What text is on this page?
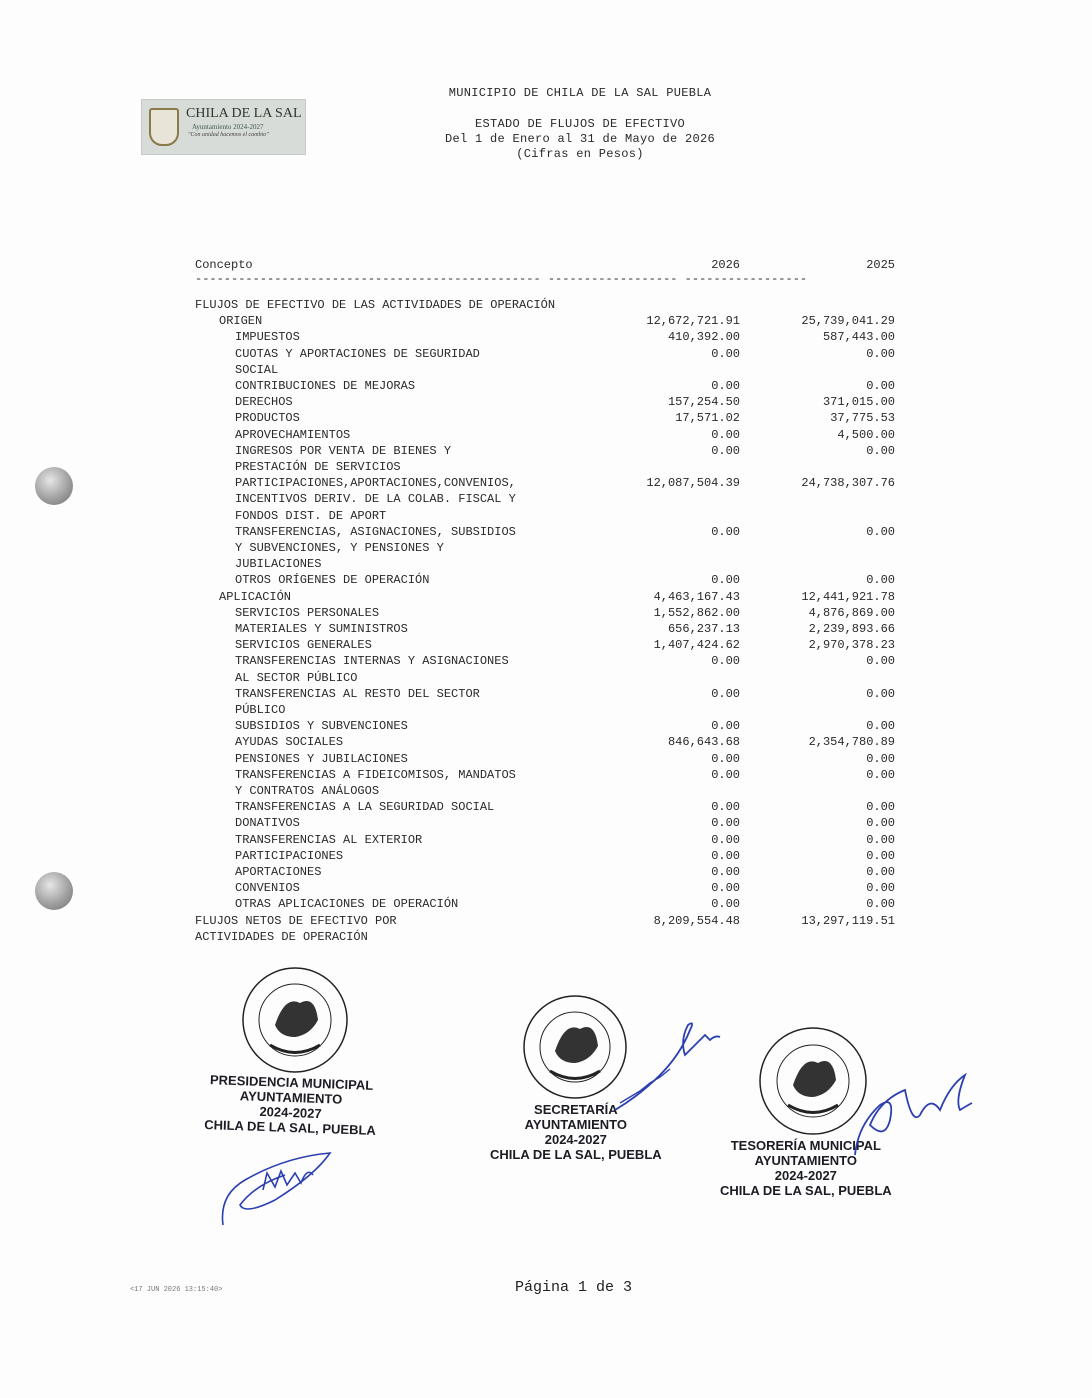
CHILA DE LA SAL
Ayuntamiento 2024-2027
"Con unidad hacemos el cambio"
MUNICIPIO DE CHILA DE LA SAL PUEBLA
ESTADO DE FLUJOS DE EFECTIVO
Del 1 de Enero al 31 de Mayo de 2026
(Cifras en Pesos)
Concepto	2026	2025
------------------------------------------------ ------------------ -----------------
FLUJOS DE EFECTIVO DE LAS ACTIVIDADES DE OPERACIÓN
ORIGEN	12,672,721.91	25,739,041.29
IMPUESTOS	410,392.00	587,443.00
CUOTAS Y APORTACIONES DE SEGURIDAD	0.00	0.00
SOCIAL
CONTRIBUCIONES DE MEJORAS	0.00	0.00
DERECHOS	157,254.50	371,015.00
PRODUCTOS	17,571.02	37,775.53
APROVECHAMIENTOS	0.00	4,500.00
INGRESOS POR VENTA DE BIENES Y	0.00	0.00
PRESTACIÓN DE SERVICIOS
PARTICIPACIONES,APORTACIONES,CONVENIOS,	12,087,504.39	24,738,307.76
INCENTIVOS DERIV. DE LA COLAB. FISCAL Y
FONDOS DIST. DE APORT
TRANSFERENCIAS, ASIGNACIONES, SUBSIDIOS	0.00	0.00
Y SUBVENCIONES, Y PENSIONES Y
JUBILACIONES
OTROS ORÍGENES DE OPERACIÓN	0.00	0.00
APLICACIÓN	4,463,167.43	12,441,921.78
SERVICIOS PERSONALES	1,552,862.00	4,876,869.00
MATERIALES Y SUMINISTROS	656,237.13	2,239,893.66
SERVICIOS GENERALES	1,407,424.62	2,970,378.23
TRANSFERENCIAS INTERNAS Y ASIGNACIONES	0.00	0.00
AL SECTOR PÚBLICO
TRANSFERENCIAS AL RESTO DEL SECTOR	0.00	0.00
PÚBLICO
SUBSIDIOS Y SUBVENCIONES	0.00	0.00
AYUDAS SOCIALES	846,643.68	2,354,780.89
PENSIONES Y JUBILACIONES	0.00	0.00
TRANSFERENCIAS A FIDEICOMISOS, MANDATOS	0.00	0.00
Y CONTRATOS ANÁLOGOS
TRANSFERENCIAS A LA SEGURIDAD SOCIAL	0.00	0.00
DONATIVOS	0.00	0.00
TRANSFERENCIAS AL EXTERIOR	0.00	0.00
PARTICIPACIONES	0.00	0.00
APORTACIONES	0.00	0.00
CONVENIOS	0.00	0.00
OTRAS APLICACIONES DE OPERACIÓN	0.00	0.00
FLUJOS NETOS DE EFECTIVO POR	8,209,554.48	13,297,119.51
ACTIVIDADES DE OPERACIÓN
PRESIDENCIA MUNICIPAL
AYUNTAMIENTO
2024-2027
CHILA DE LA SAL, PUEBLA
SECRETARÍA
AYUNTAMIENTO
2024-2027
CHILA DE LA SAL, PUEBLA
TESORERÍA MUNICIPAL
AYUNTAMIENTO
2024-2027
CHILA DE LA SAL, PUEBLA
<17 JUN 2026 13:15:40>	Página 1 de 3
